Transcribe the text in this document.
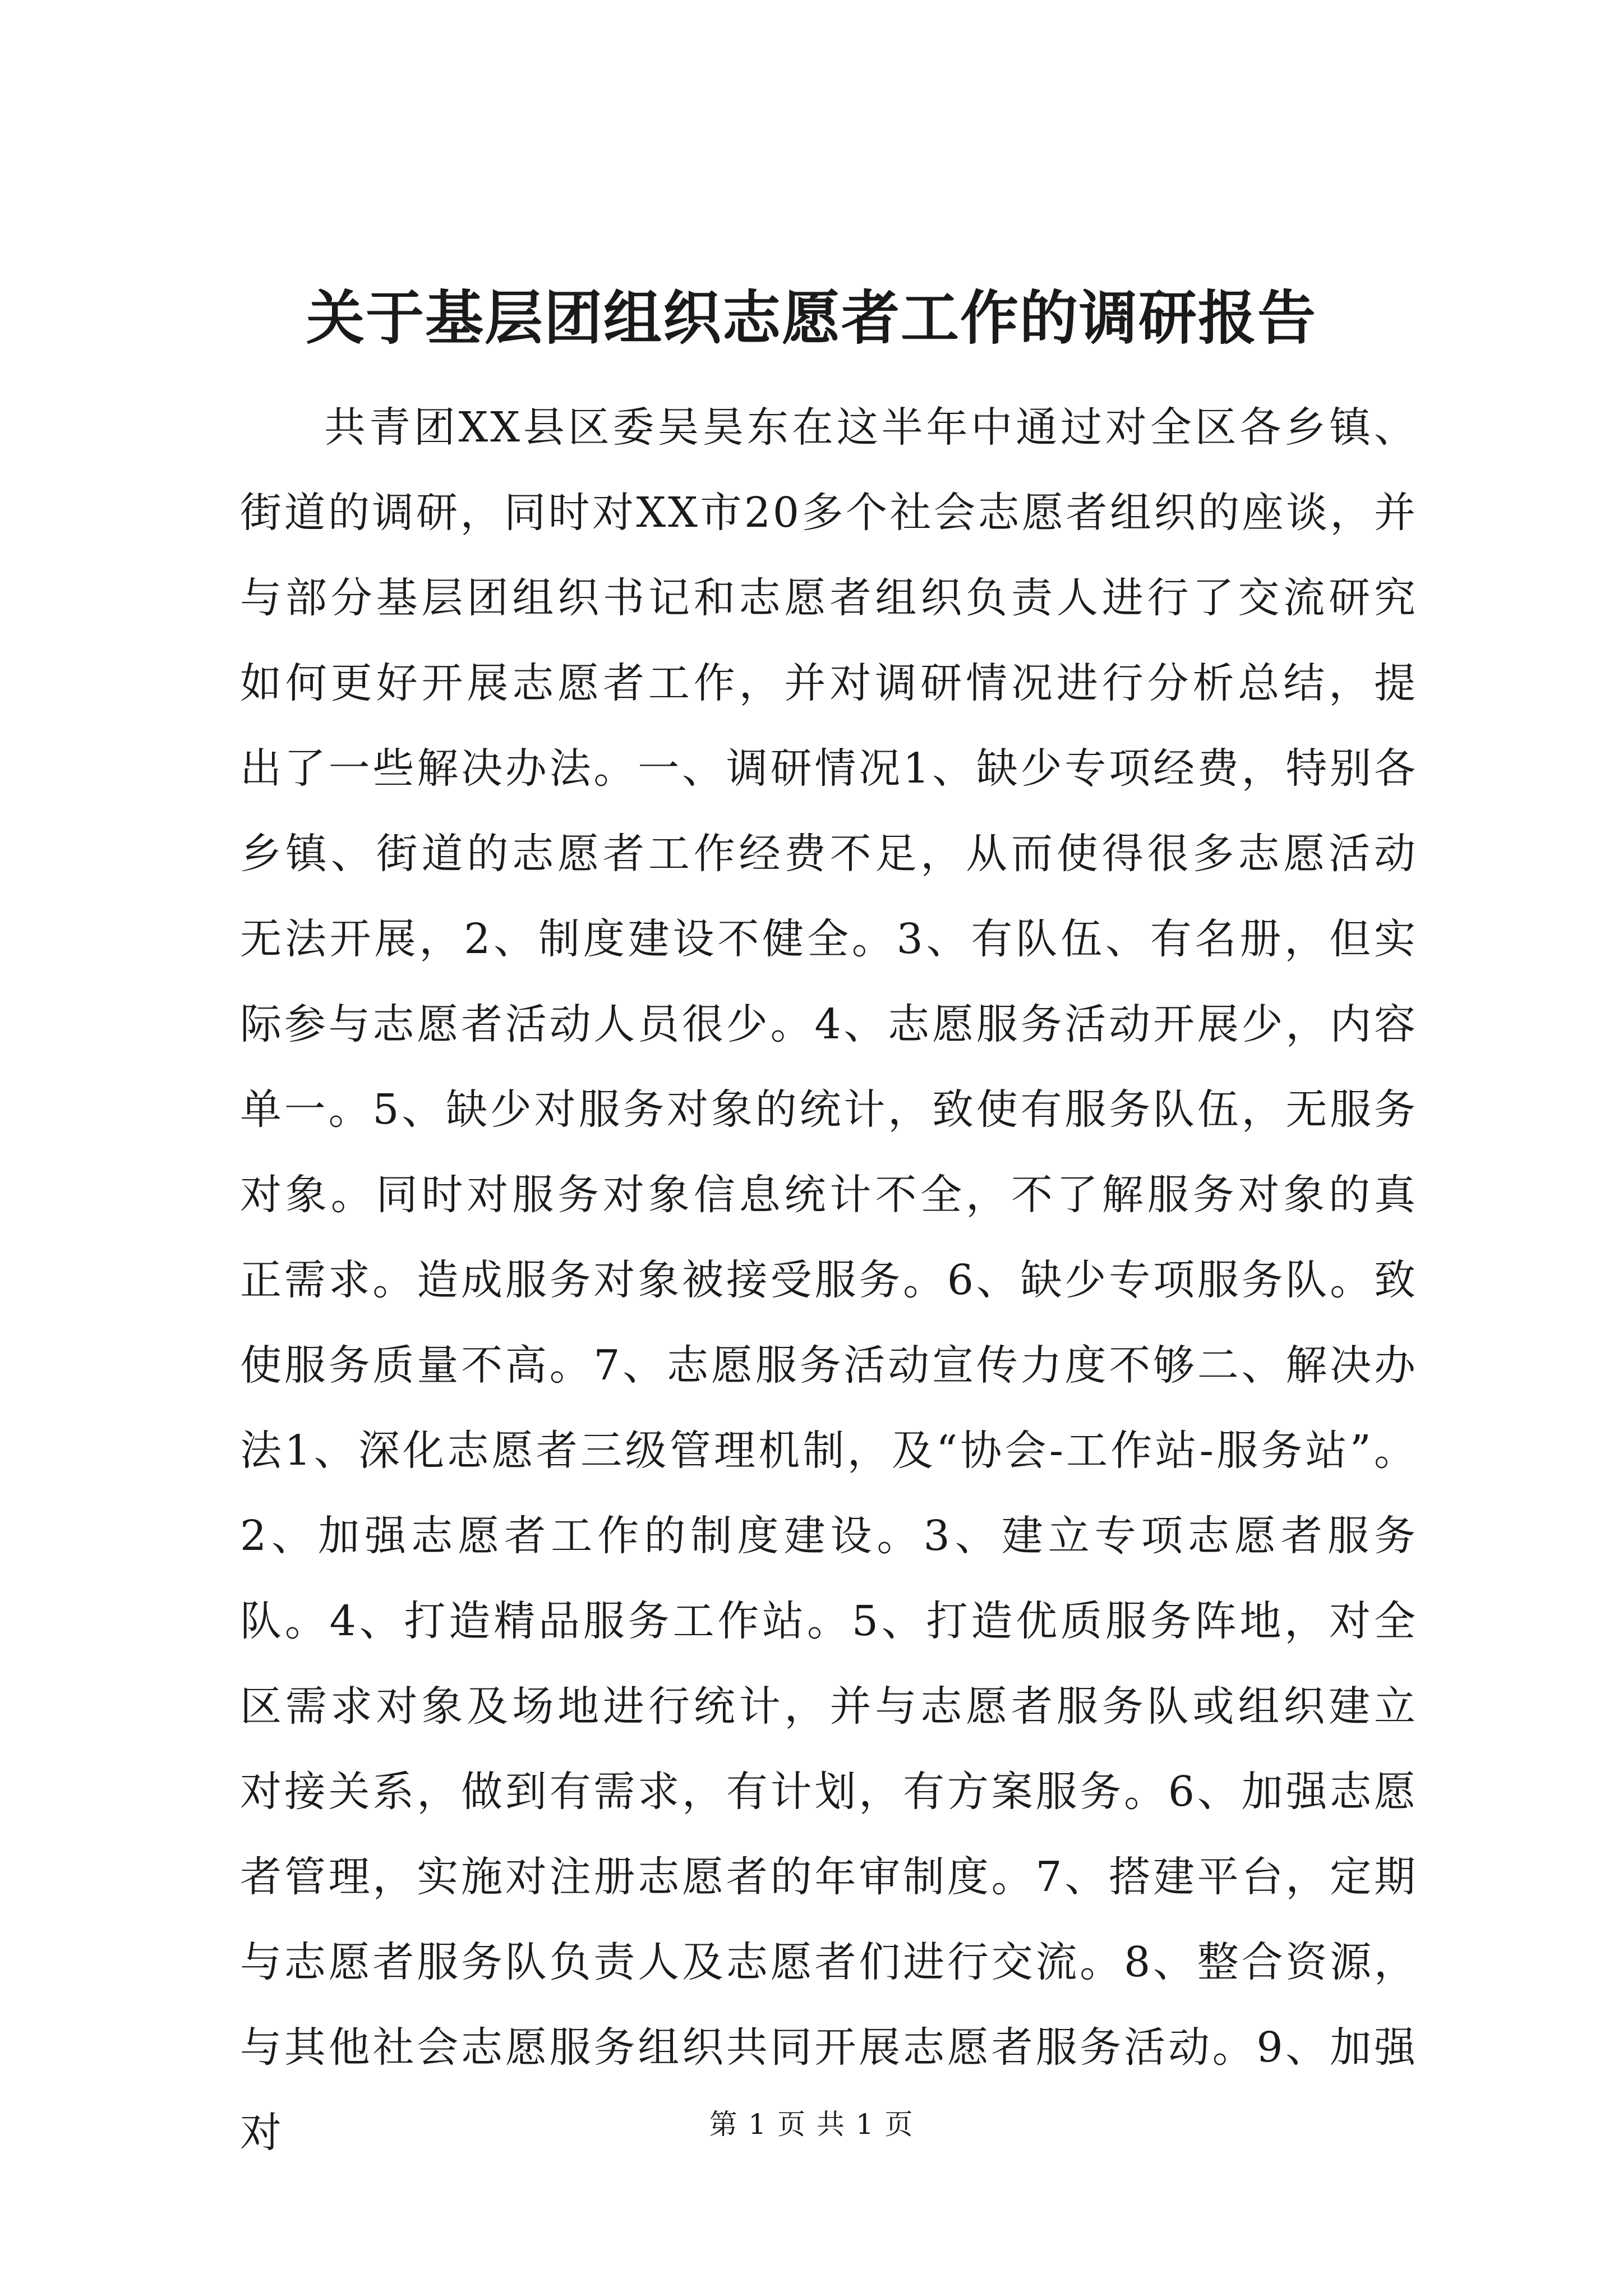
关于基层团组织志愿者工作的调研报告

共青团XX县区委吴昊东在这半年中通过对全区各乡镇、街道的调研，同时对XX市20多个社会志愿者组织的座谈，并与部分基层团组织书记和志愿者组织负责人进行了交流研究如何更好开展志愿者工作，并对调研情况进行分析总结，提出了一些解决办法。一、调研情况1、缺少专项经费，特别各乡镇、街道的志愿者工作经费不足，从而使得很多志愿活动无法开展，2、制度建设不健全。3、有队伍、有名册，但实际参与志愿者活动人员很少。4、志愿服务活动开展少，内容单一。5、缺少对服务对象的统计，致使有服务队伍，无服务对象。同时对服务对象信息统计不全，不了解服务对象的真正需求。造成服务对象被接受服务。6、缺少专项服务队。致使服务质量不高。7、志愿服务活动宣传力度不够二、解决办法1、深化志愿者三级管理机制，及“协会-工作站-服务站”。2、加强志愿者工作的制度建设。3、建立专项志愿者服务队。4、打造精品服务工作站。5、打造优质服务阵地，对全区需求对象及场地进行统计，并与志愿者服务队或组织建立对接关系，做到有需求，有计划，有方案服务。6、加强志愿者管理，实施对注册志愿者的年审制度。7、搭建平台，定期与志愿者服务队负责人及志愿者们进行交流。8、整合资源，与其他社会志愿服务组织共同开展志愿者服务活动。9、加强对	第 1 页 共 1 页
